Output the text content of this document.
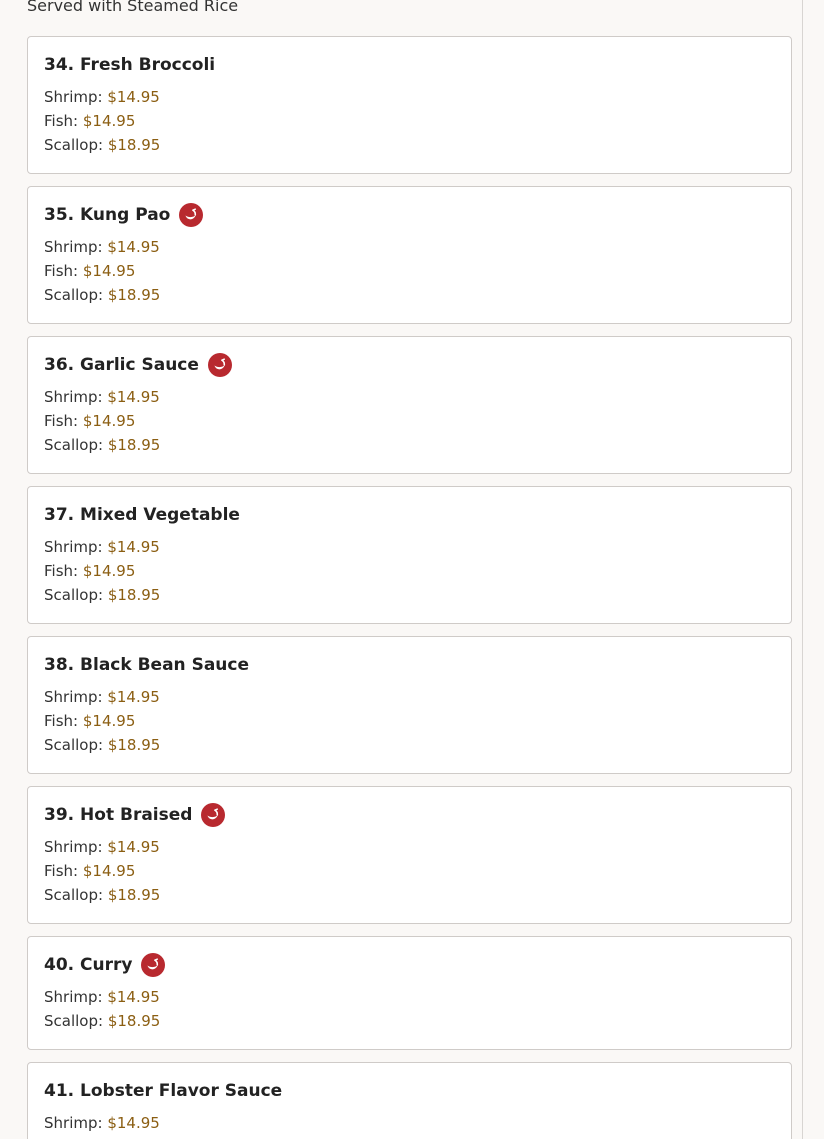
Served with Steamed Rice
34. Fresh Broccoli
Shrimp: $14.95
Fish: $14.95
Scallop: $18.95
35. Kung Pao
Shrimp: $14.95
Fish: $14.95
Scallop: $18.95
36. Garlic Sauce
Shrimp: $14.95
Fish: $14.95
Scallop: $18.95
37. Mixed Vegetable
Shrimp: $14.95
Fish: $14.95
Scallop: $18.95
38. Black Bean Sauce
Shrimp: $14.95
Fish: $14.95
Scallop: $18.95
39. Hot Braised
Shrimp: $14.95
Fish: $14.95
Scallop: $18.95
40. Curry
Shrimp: $14.95
Scallop: $18.95
41. Lobster Flavor Sauce
Shrimp: $14.95
